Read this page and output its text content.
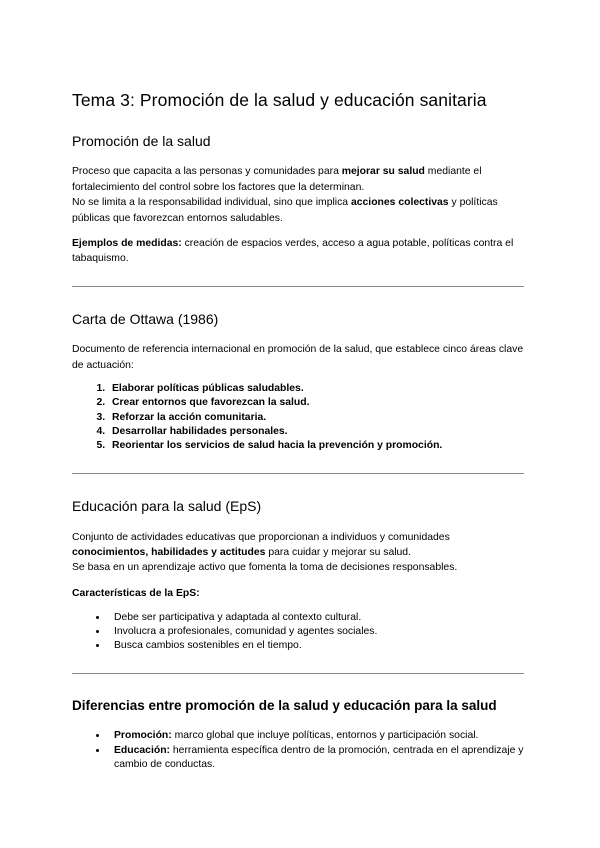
Tema 3: Promoción de la salud y educación sanitaria
Promoción de la salud

Proceso que capacita a las personas y comunidades para mejorar su salud mediante el fortalecimiento del control sobre los factores que la determinan.
No se limita a la responsabilidad individual, sino que implica acciones colectivas y políticas públicas que favorezcan entornos saludables.

Ejemplos de medidas: creación de espacios verdes, acceso a agua potable, políticas contra el tabaquismo.

Carta de Ottawa (1986)

Documento de referencia internacional en promoción de la salud, que establece cinco áreas clave de actuación:

1. Elaborar políticas públicas saludables.
2. Crear entornos que favorezcan la salud.
3. Reforzar la acción comunitaria.
4. Desarrollar habilidades personales.
5. Reorientar los servicios de salud hacia la prevención y promoción.
Educación para la salud (EpS)

Conjunto de actividades educativas que proporcionan a individuos y comunidades
conocimientos, habilidades y actitudes para cuidar y mejorar su salud.
Se basa en un aprendizaje activo que fomenta la toma de decisiones responsables.

Características de la EpS:
• Debe ser participativa y adaptada al contexto cultural.
• Involucra a profesionales, comunidad y agentes sociales.
• Busca cambios sostenibles en el tiempo.
Diferencias entre promoción de la salud y educación para la salud
• Promoción: marco global que incluye políticas, entornos y participación social.
• Educación: herramienta específica dentro de la promoción, centrada en el aprendizaje y cambio de conductas.
